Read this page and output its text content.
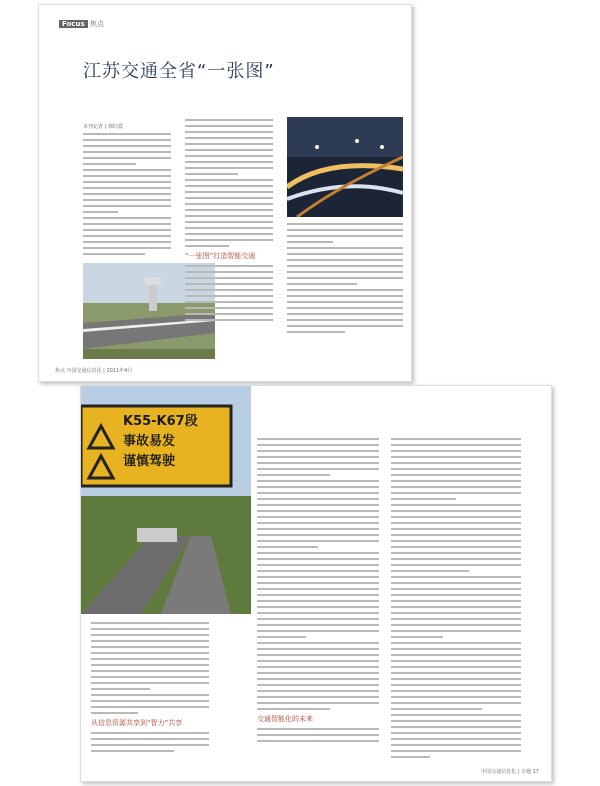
Focus 焦点
江苏交通全省“一张图”
本刊记者 | 郭红霞
“一张图”打造智能交通
焦点 中国交通信息化 | 2011年4月
K55-K67段
事故易发
谨慎驾驶
从信息资源共享到“智力”共享	交通智能化的未来
中国交通信息化 | 专题 17
